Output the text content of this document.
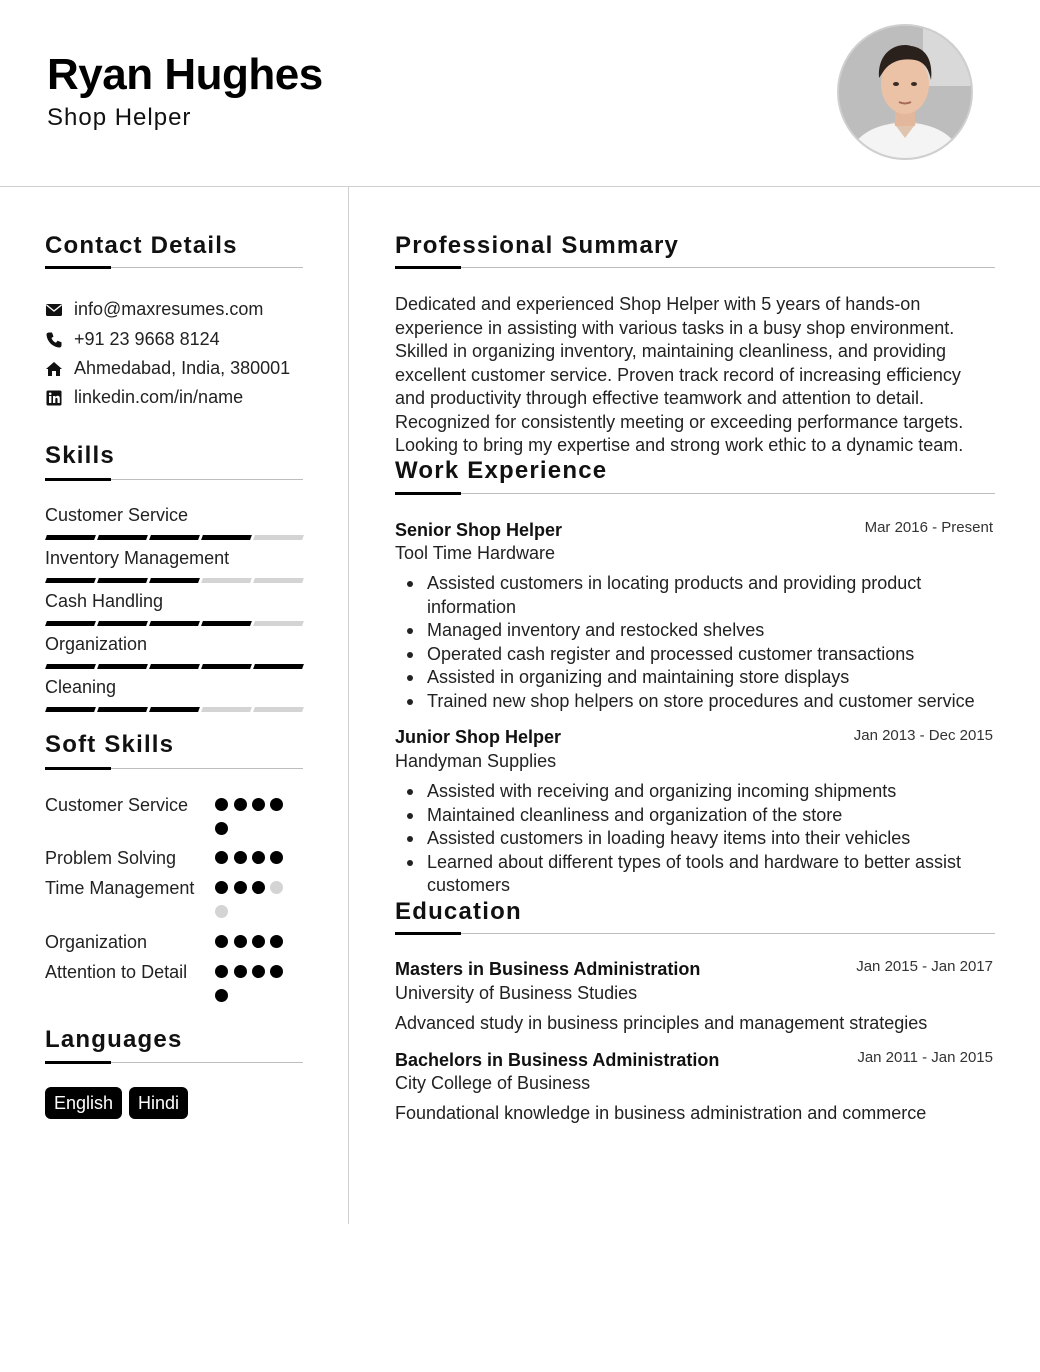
Ryan Hughes
Shop Helper
Contact Details
info@maxresumes.com
+91 23 9668 8124
Ahmedabad, India, 380001
linkedin.com/in/name
Skills
Customer Service
Inventory Management
Cash Handling
Organization
Cleaning
Soft Skills
Customer Service
Problem Solving
Time Management
Organization
Attention to Detail
Languages
English	Hindi
Professional Summary
Dedicated and experienced Shop Helper with 5 years of hands-on experience in assisting with various tasks in a busy shop environment. Skilled in organizing inventory, maintaining cleanliness, and providing excellent customer service. Proven track record of increasing efficiency and productivity through effective teamwork and attention to detail. Recognized for consistently meeting or exceeding performance targets. Looking to bring my expertise and strong work ethic to a dynamic team.
Work Experience
Senior Shop Helper	Mar 2016 - Present
Tool Time Hardware
Assisted customers in locating products and providing product information
Managed inventory and restocked shelves
Operated cash register and processed customer transactions
Assisted in organizing and maintaining store displays
Trained new shop helpers on store procedures and customer service
Junior Shop Helper	Jan 2013 - Dec 2015
Handyman Supplies
Assisted with receiving and organizing incoming shipments
Maintained cleanliness and organization of the store
Assisted customers in loading heavy items into their vehicles
Learned about different types of tools and hardware to better assist customers
Education
Masters in Business Administration	Jan 2015 - Jan 2017
University of Business Studies
Advanced study in business principles and management strategies
Bachelors in Business Administration	Jan 2011 - Jan 2015
City College of Business
Foundational knowledge in business administration and commerce
